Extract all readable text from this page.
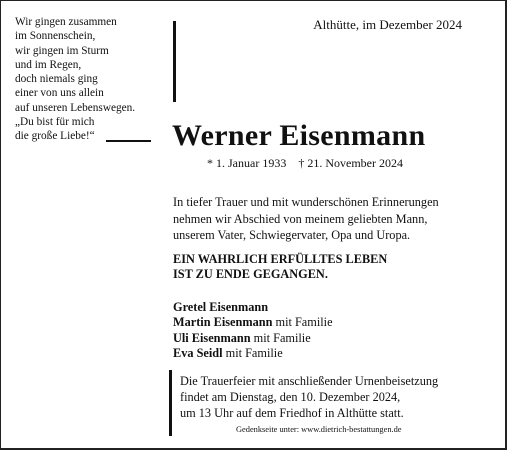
Wir gingen zusammen
im Sonnenschein,
wir gingen im Sturm
und im Regen,
doch niemals ging
einer von uns allein
auf unseren Lebenswegen.
„Du bist für mich
die große Liebe!“
Althütte, im Dezember 2024
Werner Eisenmann
* 1. Januar 1933 † 21. November 2024
In tiefer Trauer und mit wunderschönen Erinnerungen
nehmen wir Abschied von meinem geliebten Mann,
unserem Vater, Schwiegervater, Opa und Uropa.
EIN WAHRLICH ERFÜLLTES LEBEN
IST ZU ENDE GEGANGEN.
Gretel Eisenmann
Martin Eisenmann mit Familie
Uli Eisenmann mit Familie
Eva Seidl mit Familie
Die Trauerfeier mit anschließender Urnenbeisetzung
findet am Dienstag, den 10. Dezember 2024,
um 13 Uhr auf dem Friedhof in Althütte statt.
Gedenkseite unter: www.dietrich-bestattungen.de
